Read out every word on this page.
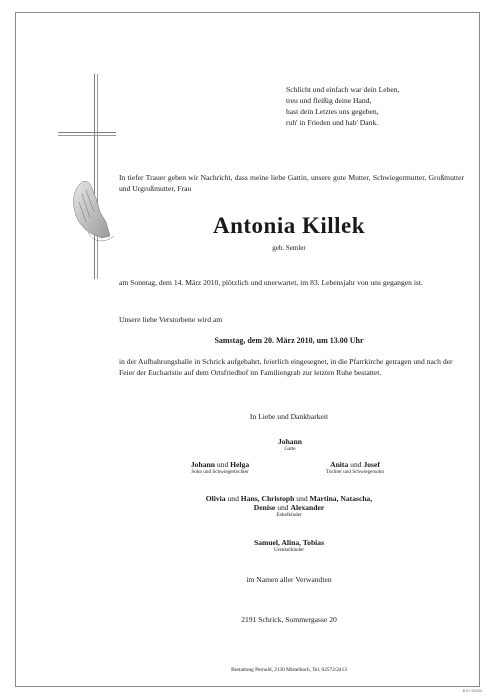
Schlicht und einfach war dein Leben,
treu und fleißig deine Hand,
hast dein Letztes uns gegeben,
ruh' in Frieden und hab' Dank.
In tiefer Trauer geben wir Nachricht, dass meine liebe Gattin, unsere gute Mutter, Schwiegermutter, Großmutter und Urgroßmutter, Frau
Antonia Killek
geb. Semler
am Sonntag, dem 14. März 2010, plötzlich und unerwartet, im 83. Lebensjahr von uns gegangen ist.
Unsere liebe Verstorbene wird am
Samstag, dem 20. März 2010, um 13.00 Uhr
in der Aufbahrungshalle in Schrick aufgebahrt, feierlich eingesegnet, in die Pfarrkirche getragen und nach der Feier der Eucharistie auf dem Ortsfriedhof im Familiengrab zur letzten Ruhe bestattet.
In Liebe und Dankbarkeit
Johann
Gatte
Johann und Helga
Sohn und Schwiegertochter
Anita und Josef
Tochter und Schwiegersohn
Olivia und Hans, Christoph und Martina, Natascha,
Denise und Alexander
Enkelkinder
Samuel, Alina, Tobias
Urenkelkinder
im Namen aller Verwandten
2191 Schrick, Sommergasse 20
Bestattung Pernold, 2130 Mistelbach, Tel. 02572/2413
B 07 90034
